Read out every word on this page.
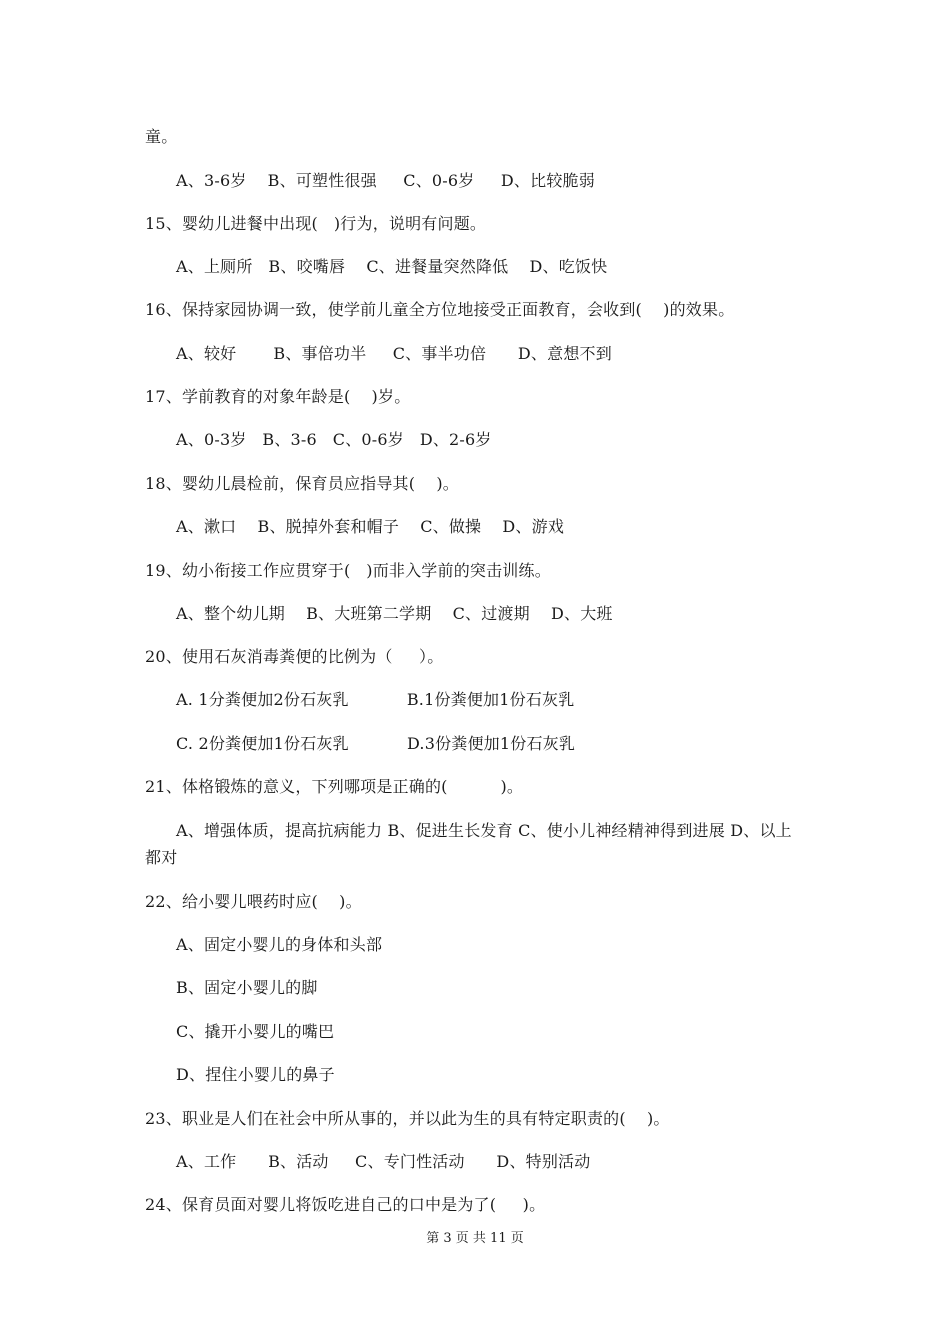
童。
A、3-6岁    B、可塑性很强     C、0-6岁     D、比较脆弱
15、婴幼儿进餐中出现(   )行为，说明有问题。
A、上厕所   B、咬嘴唇    C、进餐量突然降低    D、吃饭快
16、保持家园协调一致，使学前儿童全方位地接受正面教育，会收到(    )的效果。
A、较好       B、事倍功半     C、事半功倍      D、意想不到
17、学前教育的对象年龄是(    )岁。
A、0-3岁   B、3-6   C、0-6岁   D、2-6岁
18、婴幼儿晨检前，保育员应指导其(    )。
A、漱口    B、脱掉外套和帽子    C、做操    D、游戏
19、幼小衔接工作应贯穿于(   )而非入学前的突击训练。
A、整个幼儿期    B、大班第二学期    C、过渡期    D、大班
20、使用石灰消毒粪便的比例为（     ）。
A. 1分粪便加2份石灰乳           B.1份粪便加1份石灰乳
C. 2份粪便加1份石灰乳           D.3份粪便加1份石灰乳
21、体格锻炼的意义，下列哪项是正确的(          )。
A、增强体质，提高抗病能力 B、促进生长发育 C、使小儿神经精神得到进展 D、以上
都对
22、给小婴儿喂药时应(    )。
A、固定小婴儿的身体和头部
B、固定小婴儿的脚
C、撬开小婴儿的嘴巴
D、捏住小婴儿的鼻子
23、职业是人们在社会中所从事的，并以此为生的具有特定职责的(    )。
A、工作      B、活动     C、专门性活动      D、特别活动
24、保育员面对婴儿将饭吃进自己的口中是为了(     )。
第 3 页 共 11 页
